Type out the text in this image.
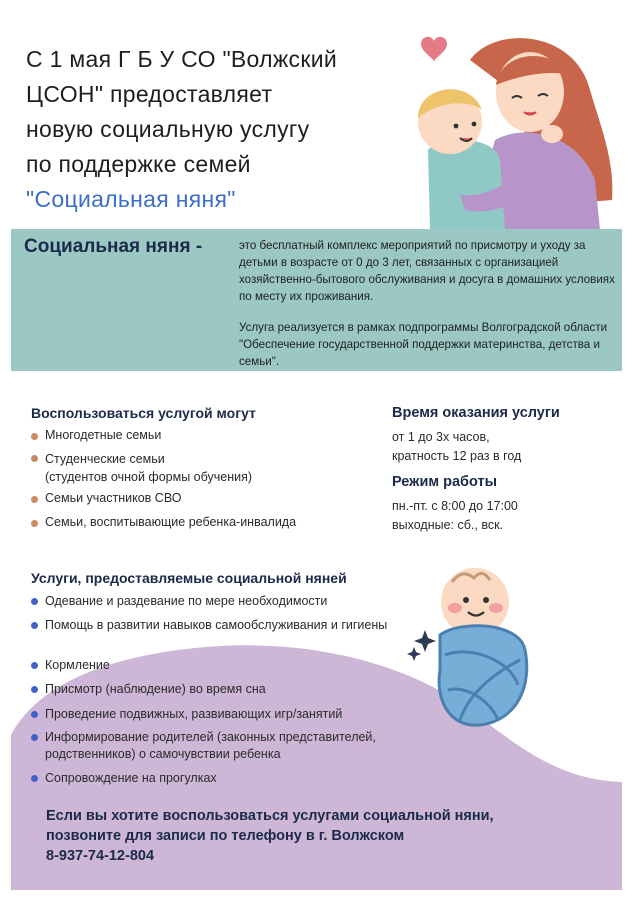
С 1 мая Г Б У СО "Волжский
ЦСОН" предоставляет
новую социальную услугу
по поддержке семей
"Социальная няня"
Социальная няня -	это бесплатный комплекс мероприятий по присмотру и уходу за детьми в возрасте от 0 до 3 лет, связанных с организацией хозяйственно-бытового обслуживания и досуга в домашних условиях по месту их проживания.

Услуга реализуется в рамках подпрограммы Волгоградской области "Обеспечение государственной поддержки материнства, детства и семьи".

Воспользоваться услугой могут
Многодетные семьи
Студенческие семьи
(студентов очной формы обучения)
Семьи участников СВО
Семьи, воспитывающие ребенка-инвалида
Время оказания услуги
от 1 до 3х часов,
кратность 12 раз в год
Режим работы
пн.-пт. с 8:00 до 17:00
выходные: сб., вск.
Услуги, предоставляемые социальной няней
Одевание и раздевание по мере необходимости
Помощь в развитии навыков самообслуживания и гигиены
Кормление
Присмотр (наблюдение) во время сна
Проведение подвижных, развивающих игр/занятий
Информирование родителей (законных представителей, родственников) о самочувствии ребенка
Сопровождение на прогулках
Если вы хотите воспользоваться услугами социальной няни,
позвоните для записи по телефону в г. Волжском
8-937-74-12-804
